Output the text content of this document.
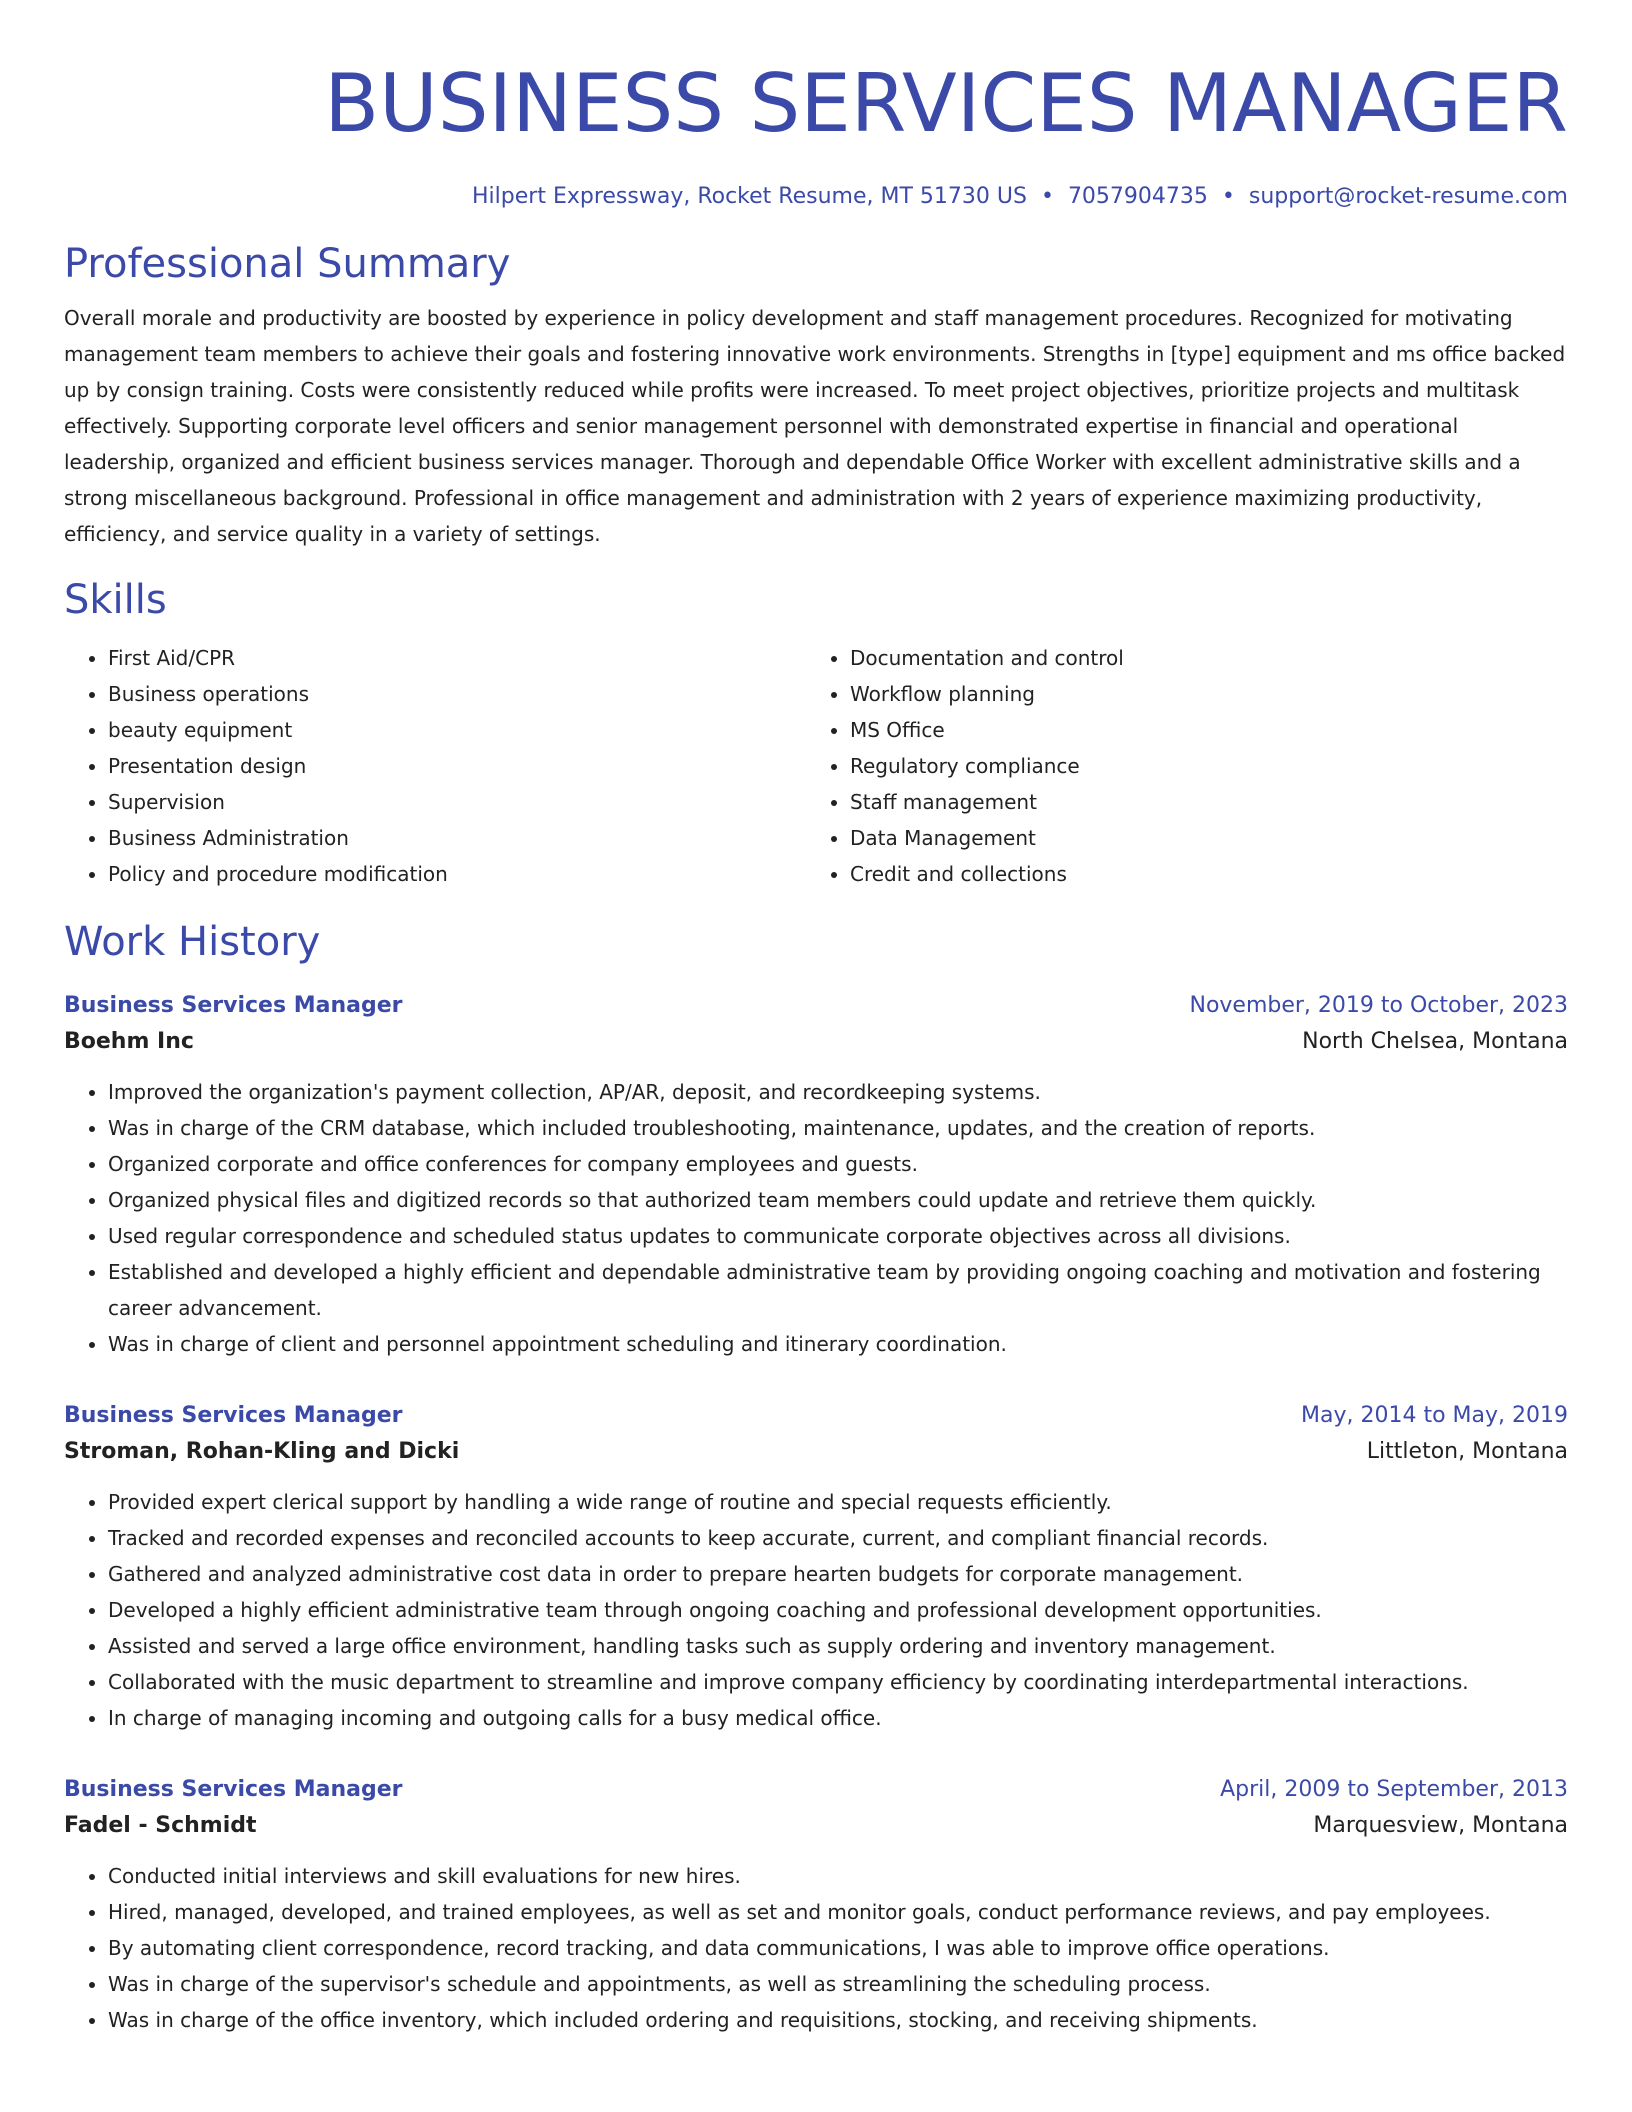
BUSINESS SERVICES MANAGER
Hilpert Expressway, Rocket Resume, MT 51730 US • 7057904735 • support@rocket-resume.com
Professional Summary
Overall morale and productivity are boosted by experience in policy development and staff management procedures. Recognized for motivating management team members to achieve their goals and fostering innovative work environments. Strengths in [type] equipment and ms office backed up by consign training. Costs were consistently reduced while profits were increased. To meet project objectives, prioritize projects and multitask effectively. Supporting corporate level officers and senior management personnel with demonstrated expertise in financial and operational leadership, organized and efficient business services manager. Thorough and dependable Office Worker with excellent administrative skills and a strong miscellaneous background. Professional in office management and administration with 2 years of experience maximizing productivity, efficiency, and service quality in a variety of settings.
Skills
• First Aid/CPR
• Business operations
• beauty equipment
• Presentation design
• Supervision
• Business Administration
• Policy and procedure modification
• Documentation and control
• Workflow planning
• MS Office
• Regulatory compliance
• Staff management
• Data Management
• Credit and collections
Work History
Business Services Manager	November, 2019 to October, 2023
Boehm Inc	North Chelsea, Montana
• Improved the organization's payment collection, AP/AR, deposit, and recordkeeping systems.
• Was in charge of the CRM database, which included troubleshooting, maintenance, updates, and the creation of reports.
• Organized corporate and office conferences for company employees and guests.
• Organized physical files and digitized records so that authorized team members could update and retrieve them quickly.
• Used regular correspondence and scheduled status updates to communicate corporate objectives across all divisions.
• Established and developed a highly efficient and dependable administrative team by providing ongoing coaching and motivation and fostering career advancement.
• Was in charge of client and personnel appointment scheduling and itinerary coordination.
Business Services Manager	May, 2014 to May, 2019
Stroman, Rohan-Kling and Dicki	Littleton, Montana
• Provided expert clerical support by handling a wide range of routine and special requests efficiently.
• Tracked and recorded expenses and reconciled accounts to keep accurate, current, and compliant financial records.
• Gathered and analyzed administrative cost data in order to prepare hearten budgets for corporate management.
• Developed a highly efficient administrative team through ongoing coaching and professional development opportunities.
• Assisted and served a large office environment, handling tasks such as supply ordering and inventory management.
• Collaborated with the music department to streamline and improve company efficiency by coordinating interdepartmental interactions.
• In charge of managing incoming and outgoing calls for a busy medical office.
Business Services Manager	April, 2009 to September, 2013
Fadel - Schmidt	Marquesview, Montana
• Conducted initial interviews and skill evaluations for new hires.
• Hired, managed, developed, and trained employees, as well as set and monitor goals, conduct performance reviews, and pay employees.
• By automating client correspondence, record tracking, and data communications, I was able to improve office operations.
• Was in charge of the supervisor's schedule and appointments, as well as streamlining the scheduling process.
• Was in charge of the office inventory, which included ordering and requisitions, stocking, and receiving shipments.
